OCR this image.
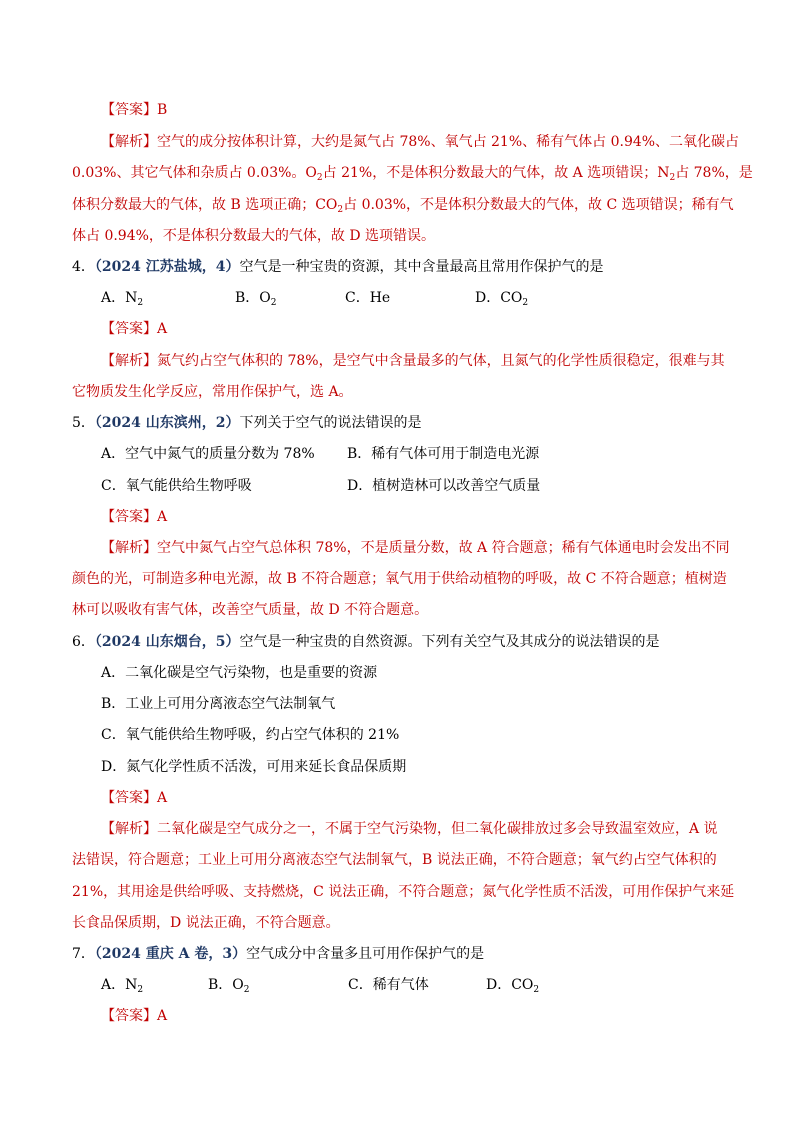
【答案】B
【解析】空气的成分按体积计算，大约是氮气占 78%、氧气占 21%、稀有气体占 0.94%、二氧化碳占
0.03%、其它气体和杂质占 0.03%。$O_2$占 21%，不是体积分数最大的气体，故 A 选项错误；$N_2$占 78%，是
体积分数最大的气体，故 B 选项正确；$CO_2$占 0.03%，不是体积分数最大的气体，故 C 选项错误；稀有气
体占 0.94%，不是体积分数最大的气体，故 D 选项错误。
4．（2024 江苏盐城，4）空气是一种宝贵的资源，其中含量最高且常用作保护气的是
A．$N_2$	B．$O_2$	C．He	D．$CO_2$
【答案】A
【解析】氮气约占空气体积的 78%，是空气中含量最多的气体，且氮气的化学性质很稳定，很难与其
它物质发生化学反应，常用作保护气，选 A。
5．（2024 山东滨州，2）下列关于空气的说法错误的是
A．空气中氮气的质量分数为 78% B．稀有气体可用于制造电光源
C．氧气能供给生物呼吸	D．植树造林可以改善空气质量
【答案】A
【解析】空气中氮气占空气总体积 78%，不是质量分数，故 A 符合题意；稀有气体通电时会发出不同
颜色的光，可制造多种电光源，故 B 不符合题意；氧气用于供给动植物的呼吸，故 C 不符合题意；植树造
林可以吸收有害气体，改善空气质量，故 D 不符合题意。
6．（2024 山东烟台，5）空气是一种宝贵的自然资源。下列有关空气及其成分的说法错误的是
A．二氧化碳是空气污染物，也是重要的资源
B．工业上可用分离液态空气法制氧气
C．氧气能供给生物呼吸，约占空气体积的 21%
D．氮气化学性质不活泼，可用来延长食品保质期
【答案】A
【解析】二氧化碳是空气成分之一，不属于空气污染物，但二氧化碳排放过多会导致温室效应，A 说
法错误，符合题意；工业上可用分离液态空气法制氧气，B 说法正确，不符合题意；氧气约占空气体积的
21%，其用途是供给呼吸、支持燃烧，C 说法正确，不符合题意；氮气化学性质不活泼，可用作保护气来延
长食品保质期，D 说法正确，不符合题意。
7．（2024 重庆 A 卷，3）空气成分中含量多且可用作保护气的是
A．$N_2$	B．$O_2$	C．稀有气体	D．$CO_2$
【答案】A
